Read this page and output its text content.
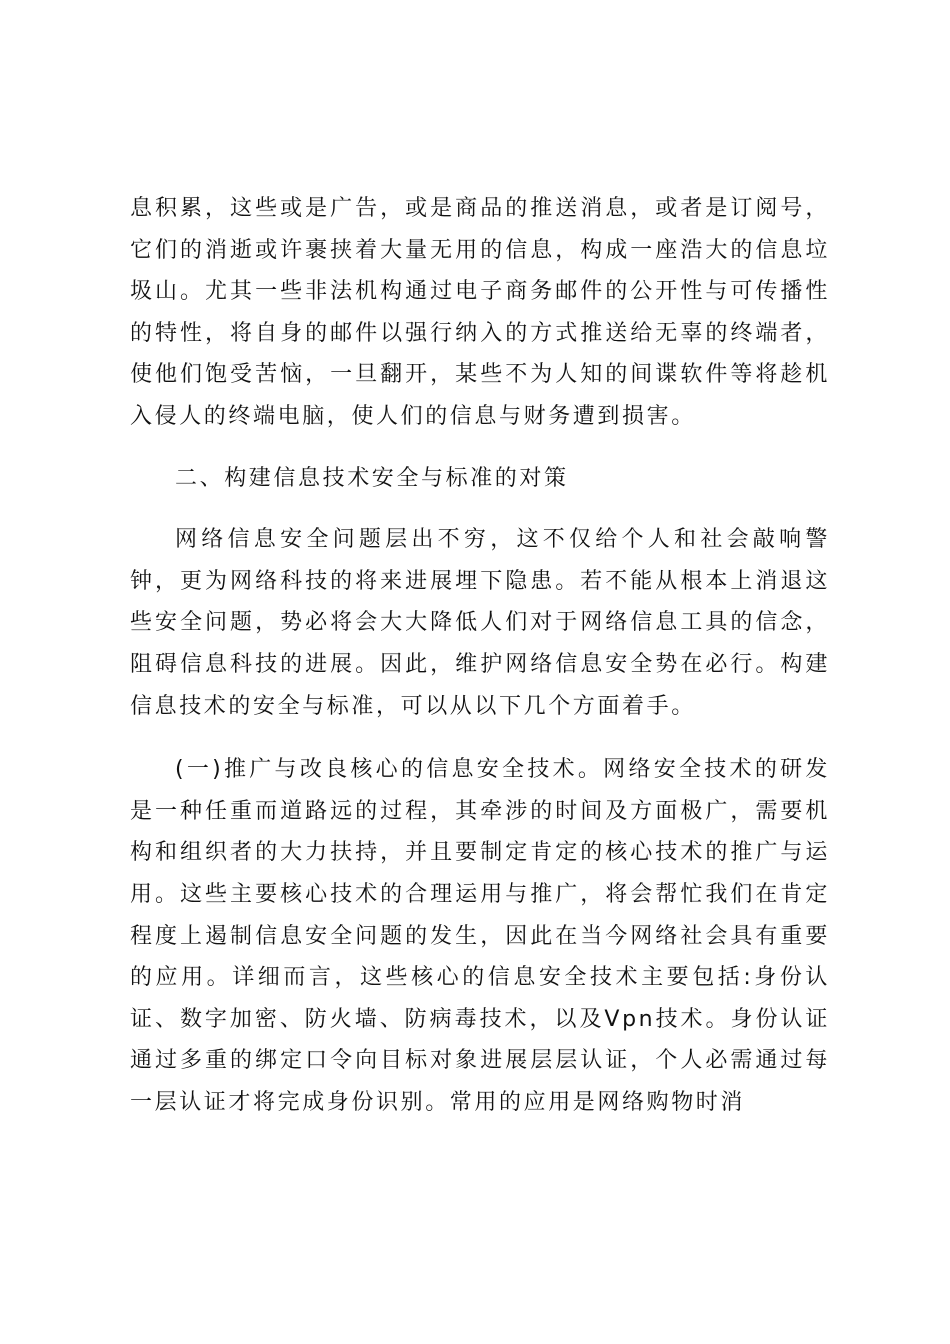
息积累，这些或是广告，或是商品的推送消息，或者是订阅号，它们的消逝或许裹挟着大量无用的信息，构成一座浩大的信息垃圾山。尤其一些非法机构通过电子商务邮件的公开性与可传播性的特性，将自身的邮件以强行纳入的方式推送给无辜的终端者，使他们饱受苦恼，一旦翻开，某些不为人知的间谍软件等将趁机入侵人的终端电脑，使人们的信息与财务遭到损害。

二、构建信息技术安全与标准的对策

网络信息安全问题层出不穷，这不仅给个人和社会敲响警钟，更为网络科技的将来进展埋下隐患。若不能从根本上消退这些安全问题，势必将会大大降低人们对于网络信息工具的信念，阻碍信息科技的进展。因此，维护网络信息安全势在必行。构建信息技术的安全与标准，可以从以下几个方面着手。

(一)推广与改良核心的信息安全技术。网络安全技术的研发是一种任重而道路远的过程，其牵涉的时间及方面极广，需要机构和组织者的大力扶持，并且要制定肯定的核心技术的推广与运用。这些主要核心技术的合理运用与推广，将会帮忙我们在肯定程度上遏制信息安全问题的发生，因此在当今网络社会具有重要的应用。详细而言，这些核心的信息安全技术主要包括:身份认证、数字加密、防火墙、防病毒技术，以及Vpn技术。身份认证通过多重的绑定口令向目标对象进展层层认证，个人必需通过每一层认证才将完成身份识别。常用的应用是网络购物时消
